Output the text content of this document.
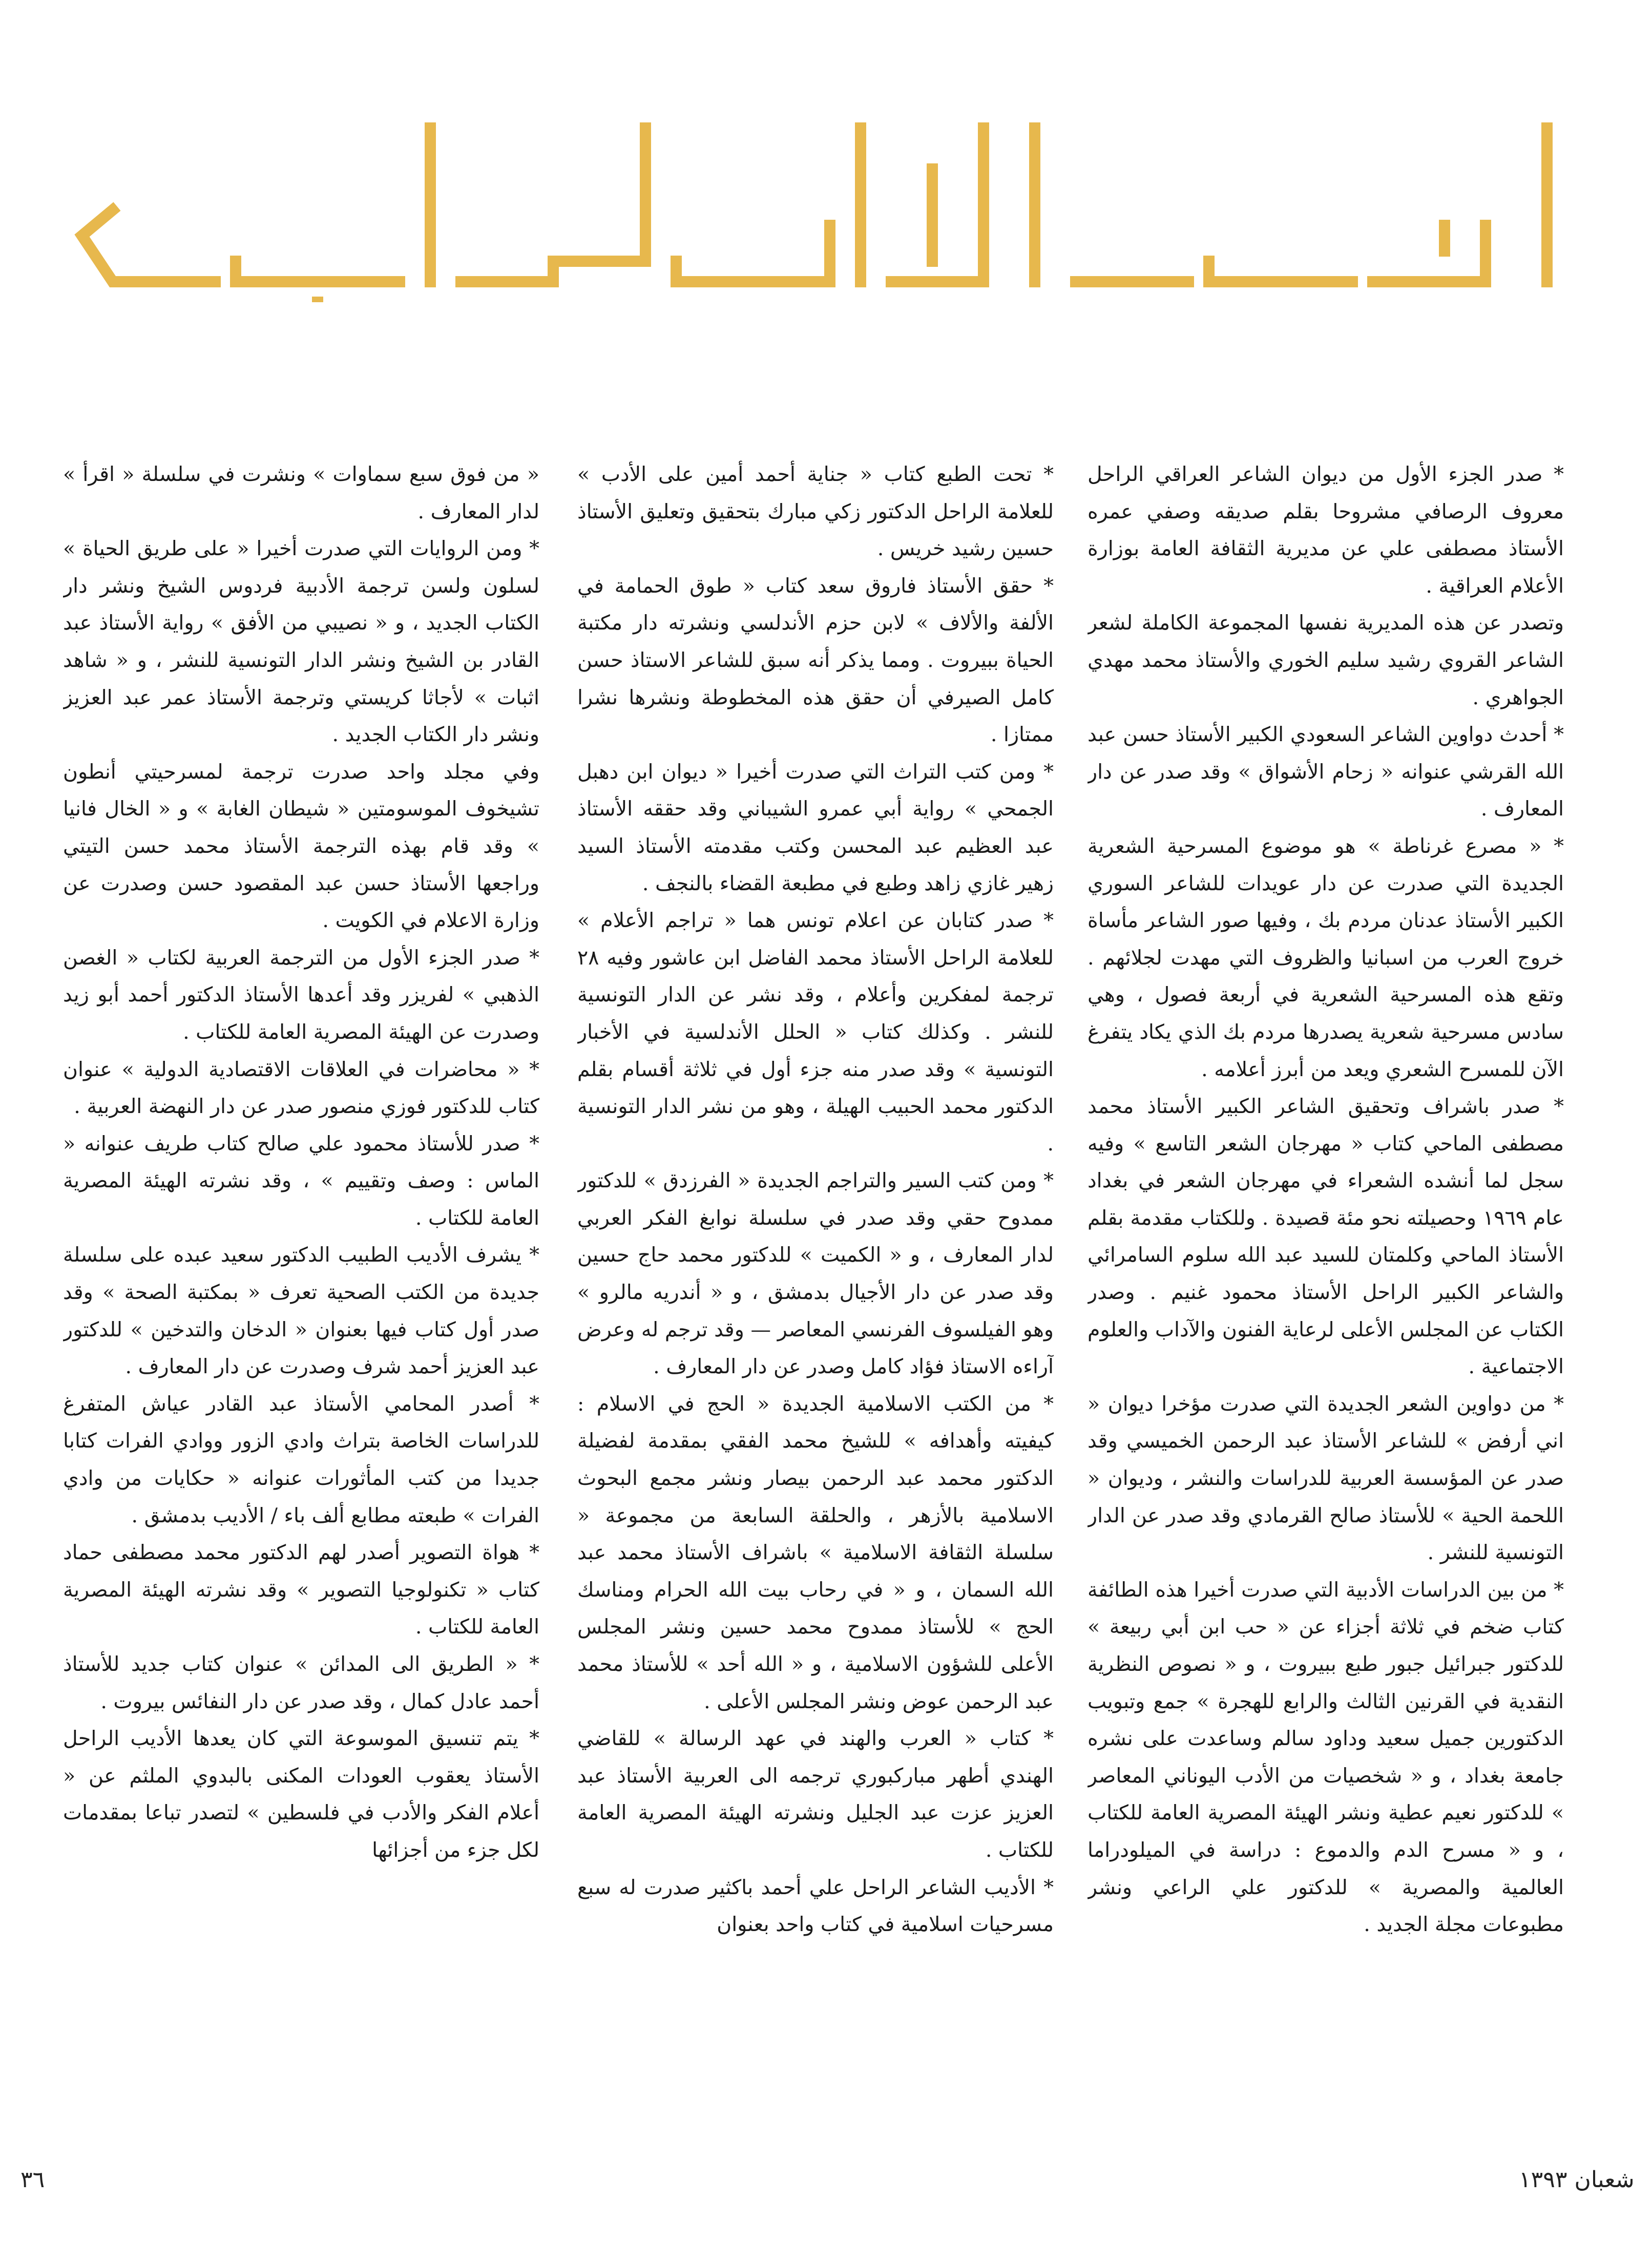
* صدر الجزء الأول من ديوان الشاعر العراقي الراحل معروف الرصافي مشروحا بقلم صديقه وصفي عمره الأستاذ مصطفى علي عن مديرية الثقافة العامة بوزارة الأعلام العراقية .

وتصدر عن هذه المديرية نفسها المجموعة الكاملة لشعر الشاعر القروي رشيد سليم الخوري والأستاذ محمد مهدي الجواهري .

* أحدث دواوين الشاعر السعودي الكبير الأستاذ حسن عبد الله القرشي عنوانه « زحام الأشواق » وقد صدر عن دار المعارف .

* « مصرع غرناطة » هو موضوع المسرحية الشعرية الجديدة التي صدرت عن دار عويدات للشاعر السوري الكبير الأستاذ عدنان مردم بك ، وفيها صور الشاعر مأساة خروج العرب من اسبانيا والظروف التي مهدت لجلائهم . وتقع هذه المسرحية الشعرية في أربعة فصول ، وهي سادس مسرحية شعرية يصدرها مردم بك الذي يكاد يتفرغ الآن للمسرح الشعري ويعد من أبرز أعلامه .

* صدر باشراف وتحقيق الشاعر الكبير الأستاذ محمد مصطفى الماحي كتاب « مهرجان الشعر التاسع » وفيه سجل لما أنشده الشعراء في مهرجان الشعر في بغداد عام ١٩٦٩ وحصيلته نحو مئة قصيدة . وللكتاب مقدمة بقلم الأستاذ الماحي وكلمتان للسيد عبد الله سلوم السامرائي والشاعر الكبير الراحل الأستاذ محمود غنيم . وصدر الكتاب عن المجلس الأعلى لرعاية الفنون والآداب والعلوم الاجتماعية .

* من دواوين الشعر الجديدة التي صدرت مؤخرا ديوان « اني أرفض » للشاعر الأستاذ عبد الرحمن الخميسي وقد صدر عن المؤسسة العربية للدراسات والنشر ، وديوان « اللحمة الحية » للأستاذ صالح القرمادي وقد صدر عن الدار التونسية للنشر .

* من بين الدراسات الأدبية التي صدرت أخيرا هذه الطائفة كتاب ضخم في ثلاثة أجزاء عن « حب ابن أبي ربيعة » للدكتور جبرائيل جبور طبع ببيروت ، و « نصوص النظرية النقدية في القرنين الثالث والرابع للهجرة » جمع وتبويب الدكتورين جميل سعيد وداود سالم وساعدت على نشره جامعة بغداد ، و « شخصيات من الأدب اليوناني المعاصر » للدكتور نعيم عطية ونشر الهيئة المصرية العامة للكتاب ، و « مسرح الدم والدموع : دراسة في الميلودراما العالمية والمصرية » للدكتور علي الراعي ونشر مطبوعات مجلة الجديد .

* تحت الطبع كتاب « جناية أحمد أمين على الأدب » للعلامة الراحل الدكتور زكي مبارك بتحقيق وتعليق الأستاذ حسين رشيد خريس .

* حقق الأستاذ فاروق سعد كتاب « طوق الحمامة في الألفة والألاف » لابن حزم الأندلسي ونشرته دار مكتبة الحياة ببيروت . ومما يذكر أنه سبق للشاعر الاستاذ حسن كامل الصيرفي أن حقق هذه المخطوطة ونشرها نشرا ممتازا .

* ومن كتب التراث التي صدرت أخيرا « ديوان ابن دهبل الجمحي » رواية أبي عمرو الشيباني وقد حققه الأستاذ عبد العظيم عبد المحسن وكتب مقدمته الأستاذ السيد زهير غازي زاهد وطبع في مطبعة القضاء بالنجف .

* صدر كتابان عن اعلام تونس هما « تراجم الأعلام » للعلامة الراحل الأستاذ محمد الفاضل ابن عاشور وفيه ٢٨ ترجمة لمفكرين وأعلام ، وقد نشر عن الدار التونسية للنشر . وكذلك كتاب « الحلل الأندلسية في الأخبار التونسية » وقد صدر منه جزء أول في ثلاثة أقسام بقلم الدكتور محمد الحبيب الهيلة ، وهو من نشر الدار التونسية .

* ومن كتب السير والتراجم الجديدة « الفرزدق » للدكتور ممدوح حقي وقد صدر في سلسلة نوابغ الفكر العربي لدار المعارف ، و « الكميت » للدكتور محمد حاج حسين وقد صدر عن دار الأجيال بدمشق ، و « أندريه مالرو » وهو الفيلسوف الفرنسي المعاصر — وقد ترجم له وعرض آراءه الاستاذ فؤاد كامل وصدر عن دار المعارف .

* من الكتب الاسلامية الجديدة « الحج في الاسلام : كيفيته وأهدافه » للشيخ محمد الفقي بمقدمة لفضيلة الدكتور محمد عبد الرحمن بيصار ونشر مجمع البحوث الاسلامية بالأزهر ، والحلقة السابعة من مجموعة « سلسلة الثقافة الاسلامية » باشراف الأستاذ محمد عبد الله السمان ، و « في رحاب بيت الله الحرام ومناسك الحج » للأستاذ ممدوح محمد حسين ونشر المجلس الأعلى للشؤون الاسلامية ، و « الله أحد » للأستاذ محمد عبد الرحمن عوض ونشر المجلس الأعلى .

* كتاب « العرب والهند في عهد الرسالة » للقاضي الهندي أطهر مباركبوري ترجمه الى العربية الأستاذ عبد العزيز عزت عبد الجليل ونشرته الهيئة المصرية العامة للكتاب .

* الأديب الشاعر الراحل علي أحمد باكثير صدرت له سبع مسرحيات اسلامية في كتاب واحد بعنوان

« من فوق سبع سماوات » ونشرت في سلسلة « اقرأ » لدار المعارف .

* ومن الروايات التي صدرت أخيرا « على طريق الحياة » لسلون ولسن ترجمة الأدبية فردوس الشيخ ونشر دار الكتاب الجديد ، و « نصيبي من الأفق » رواية الأستاذ عبد القادر بن الشيخ ونشر الدار التونسية للنشر ، و « شاهد اثبات » لأجاثا كريستي وترجمة الأستاذ عمر عبد العزيز ونشر دار الكتاب الجديد .

وفي مجلد واحد صدرت ترجمة لمسرحيتي أنطون تشيخوف الموسومتين « شيطان الغابة » و « الخال فانيا » وقد قام بهذه الترجمة الأستاذ محمد حسن التيتي وراجعها الأستاذ حسن عبد المقصود حسن وصدرت عن وزارة الاعلام في الكويت .

* صدر الجزء الأول من الترجمة العربية لكتاب « الغصن الذهبي » لفريزر وقد أعدها الأستاذ الدكتور أحمد أبو زيد وصدرت عن الهيئة المصرية العامة للكتاب .

* « محاضرات في العلاقات الاقتصادية الدولية » عنوان كتاب للدكتور فوزي منصور صدر عن دار النهضة العربية .

* صدر للأستاذ محمود علي صالح كتاب طريف عنوانه « الماس : وصف وتقييم » ، وقد نشرته الهيئة المصرية العامة للكتاب .

* يشرف الأديب الطبيب الدكتور سعيد عبده على سلسلة جديدة من الكتب الصحية تعرف « بمكتبة الصحة » وقد صدر أول كتاب فيها بعنوان « الدخان والتدخين » للدكتور عبد العزيز أحمد شرف وصدرت عن دار المعارف .

* أصدر المحامي الأستاذ عبد القادر عياش المتفرغ للدراسات الخاصة بتراث وادي الزور ووادي الفرات كتابا جديدا من كتب المأثورات عنوانه « حكايات من وادي الفرات » طبعته مطابع ألف باء / الأديب بدمشق .

* هواة التصوير أصدر لهم الدكتور محمد مصطفى حماد كتاب « تكنولوجيا التصوير » وقد نشرته الهيئة المصرية العامة للكتاب .

* « الطريق الى المدائن » عنوان كتاب جديد للأستاذ أحمد عادل كمال ، وقد صدر عن دار النفائس بيروت .

* يتم تنسيق الموسوعة التي كان يعدها الأديب الراحل الأستاذ يعقوب العودات المكنى بالبدوي الملثم عن « أعلام الفكر والأدب في فلسطين » لتصدر تباعا بمقدمات لكل جزء من أجزائها

٣٦	شعبان ١٣٩٣
